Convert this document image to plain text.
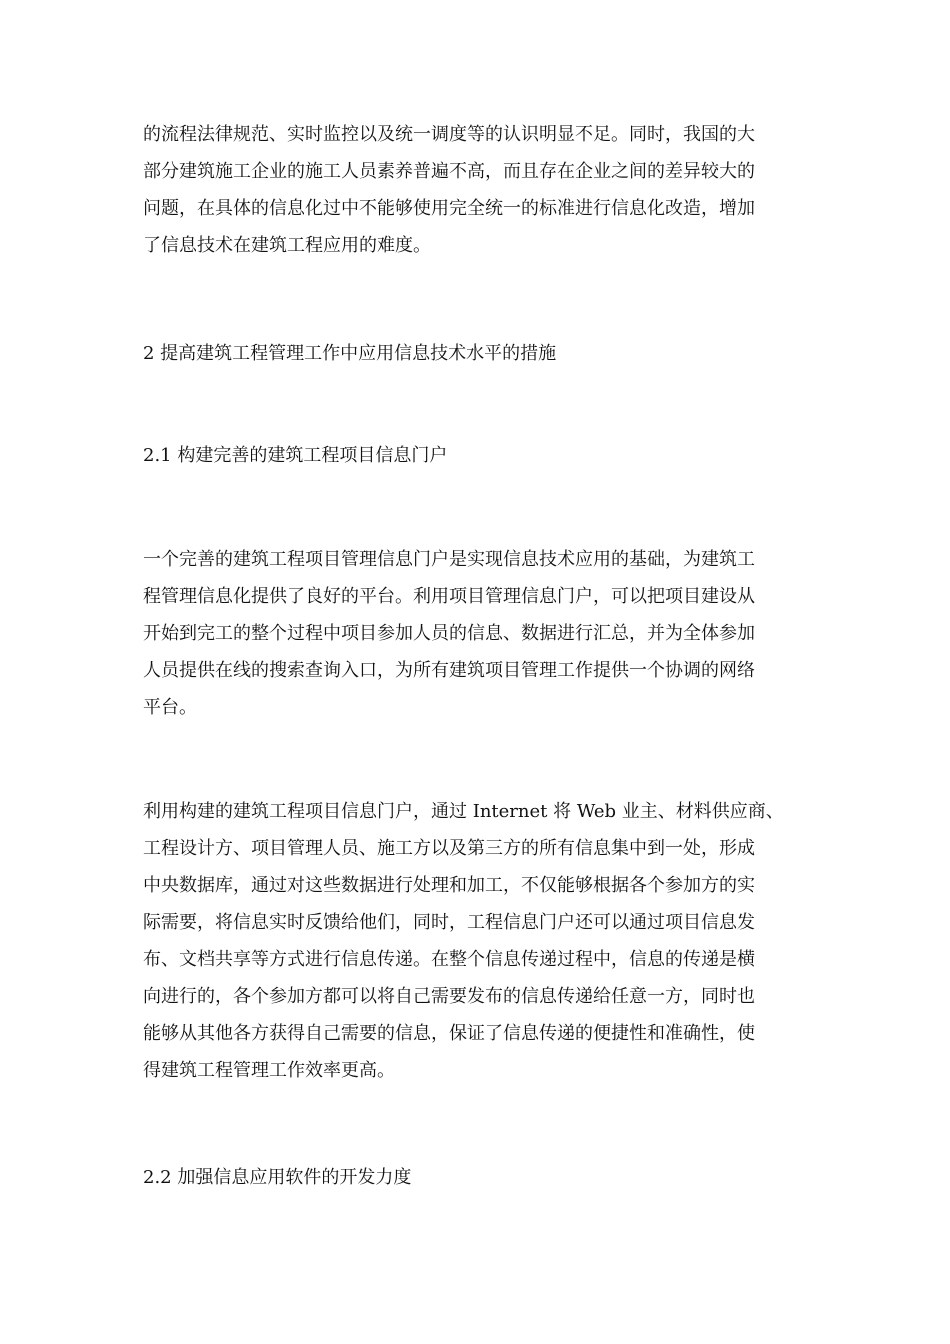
的流程法律规范、实时监控以及统一调度等的认识明显不足。同时，我国的大
部分建筑施工企业的施工人员素养普遍不高，而且存在企业之间的差异较大的
问题，在具体的信息化过中不能够使用完全统一的标准进行信息化改造，增加
了信息技术在建筑工程应用的难度。
2 提高建筑工程管理工作中应用信息技术水平的措施
2.1 构建完善的建筑工程项目信息门户
一个完善的建筑工程项目管理信息门户是实现信息技术应用的基础，为建筑工
程管理信息化提供了良好的平台。利用项目管理信息门户，可以把项目建设从
开始到完工的整个过程中项目参加人员的信息、数据进行汇总，并为全体参加
人员提供在线的搜索查询入口，为所有建筑项目管理工作提供一个协调的网络
平台。
利用构建的建筑工程项目信息门户，通过 Internet 将 Web 业主、材料供应商、
工程设计方、项目管理人员、施工方以及第三方的所有信息集中到一处，形成
中央数据库，通过对这些数据进行处理和加工，不仅能够根据各个参加方的实
际需要，将信息实时反馈给他们，同时，工程信息门户还可以通过项目信息发
布、文档共享等方式进行信息传递。在整个信息传递过程中，信息的传递是横
向进行的，各个参加方都可以将自己需要发布的信息传递给任意一方，同时也
能够从其他各方获得自己需要的信息，保证了信息传递的便捷性和准确性，使
得建筑工程管理工作效率更高。
2.2 加强信息应用软件的开发力度
